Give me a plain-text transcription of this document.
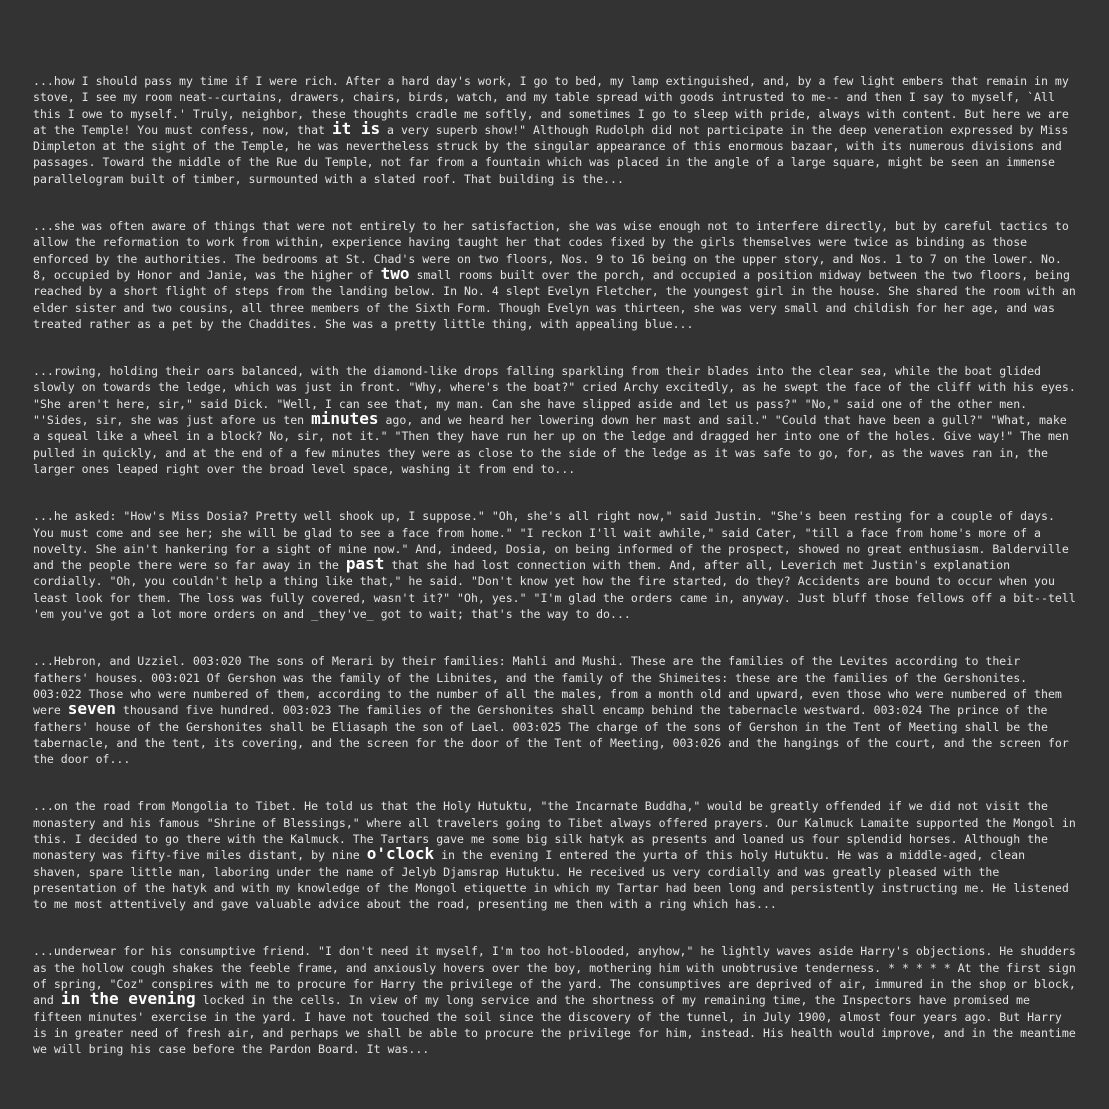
...how I should pass my time if I were rich. After a hard day's work, I go to bed, my lamp extinguished, and, by a few light embers that remain in my stove, I see my room neat--curtains, drawers, chairs, birds, watch, and my table spread with goods intrusted to me-- and then I say to myself, `All this I owe to myself.' Truly, neighbor, these thoughts cradle me softly, and sometimes I go to sleep with pride, always with content. But here we are at the Temple! You must confess, now, that it is a very superb show!" Although Rudolph did not participate in the deep veneration expressed by Miss Dimpleton at the sight of the Temple, he was nevertheless struck by the singular appearance of this enormous bazaar, with its numerous divisions and passages. Toward the middle of the Rue du Temple, not far from a fountain which was placed in the angle of a large square, might be seen an immense parallelogram built of timber, surmounted with a slated roof. That building is the...

...she was often aware of things that were not entirely to her satisfaction, she was wise enough not to interfere directly, but by careful tactics to allow the reformation to work from within, experience having taught her that codes fixed by the girls themselves were twice as binding as those enforced by the authorities. The bedrooms at St. Chad's were on two floors, Nos. 9 to 16 being on the upper story, and Nos. 1 to 7 on the lower. No. 8, occupied by Honor and Janie, was the higher of two small rooms built over the porch, and occupied a position midway between the two floors, being reached by a short flight of steps from the landing below. In No. 4 slept Evelyn Fletcher, the youngest girl in the house. She shared the room with an elder sister and two cousins, all three members of the Sixth Form. Though Evelyn was thirteen, she was very small and childish for her age, and was treated rather as a pet by the Chaddites. She was a pretty little thing, with appealing blue...

...rowing, holding their oars balanced, with the diamond-like drops falling sparkling from their blades into the clear sea, while the boat glided slowly on towards the ledge, which was just in front. "Why, where's the boat?" cried Archy excitedly, as he swept the face of the cliff with his eyes. "She aren't here, sir," said Dick. "Well, I can see that, my man. Can she have slipped aside and let us pass?" "No," said one of the other men. "'Sides, sir, she was just afore us ten minutes ago, and we heard her lowering down her mast and sail." "Could that have been a gull?" "What, make a squeal like a wheel in a block? No, sir, not it." "Then they have run her up on the ledge and dragged her into one of the holes. Give way!" The men pulled in quickly, and at the end of a few minutes they were as close to the side of the ledge as it was safe to go, for, as the waves ran in, the larger ones leaped right over the broad level space, washing it from end to...

...he asked: "How's Miss Dosia? Pretty well shook up, I suppose." "Oh, she's all right now," said Justin. "She's been resting for a couple of days. You must come and see her; she will be glad to see a face from home." "I reckon I'll wait awhile," said Cater, "till a face from home's more of a novelty. She ain't hankering for a sight of mine now." And, indeed, Dosia, on being informed of the prospect, showed no great enthusiasm. Balderville and the people there were so far away in the past that she had lost connection with them. And, after all, Leverich met Justin's explanation cordially. "Oh, you couldn't help a thing like that," he said. "Don't know yet how the fire started, do they? Accidents are bound to occur when you least look for them. The loss was fully covered, wasn't it?" "Oh, yes." "I'm glad the orders came in, anyway. Just bluff those fellows off a bit--tell 'em you've got a lot more orders on and _they've_ got to wait; that's the way to do...

...Hebron, and Uzziel. 003:020 The sons of Merari by their families: Mahli and Mushi. These are the families of the Levites according to their fathers' houses. 003:021 Of Gershon was the family of the Libnites, and the family of the Shimeites: these are the families of the Gershonites. 003:022 Those who were numbered of them, according to the number of all the males, from a month old and upward, even those who were numbered of them were seven thousand five hundred. 003:023 The families of the Gershonites shall encamp behind the tabernacle westward. 003:024 The prince of the fathers' house of the Gershonites shall be Eliasaph the son of Lael. 003:025 The charge of the sons of Gershon in the Tent of Meeting shall be the tabernacle, and the tent, its covering, and the screen for the door of the Tent of Meeting, 003:026 and the hangings of the court, and the screen for the door of...

...on the road from Mongolia to Tibet. He told us that the Holy Hutuktu, "the Incarnate Buddha," would be greatly offended if we did not visit the monastery and his famous "Shrine of Blessings," where all travelers going to Tibet always offered prayers. Our Kalmuck Lamaite supported the Mongol in this. I decided to go there with the Kalmuck. The Tartars gave me some big silk hatyk as presents and loaned us four splendid horses. Although the monastery was fifty-five miles distant, by nine o'clock in the evening I entered the yurta of this holy Hutuktu. He was a middle-aged, clean shaven, spare little man, laboring under the name of Jelyb Djamsrap Hutuktu. He received us very cordially and was greatly pleased with the presentation of the hatyk and with my knowledge of the Mongol etiquette in which my Tartar had been long and persistently instructing me. He listened to me most attentively and gave valuable advice about the road, presenting me then with a ring which has...

...underwear for his consumptive friend. "I don't need it myself, I'm too hot-blooded, anyhow," he lightly waves aside Harry's objections. He shudders as the hollow cough shakes the feeble frame, and anxiously hovers over the boy, mothering him with unobtrusive tenderness. * * * * * At the first sign of spring, "Coz" conspires with me to procure for Harry the privilege of the yard. The consumptives are deprived of air, immured in the shop or block, and in the evening locked in the cells. In view of my long service and the shortness of my remaining time, the Inspectors have promised me fifteen minutes' exercise in the yard. I have not touched the soil since the discovery of the tunnel, in July 1900, almost four years ago. But Harry is in greater need of fresh air, and perhaps we shall be able to procure the privilege for him, instead. His health would improve, and in the meantime we will bring his case before the Pardon Board. It was...
